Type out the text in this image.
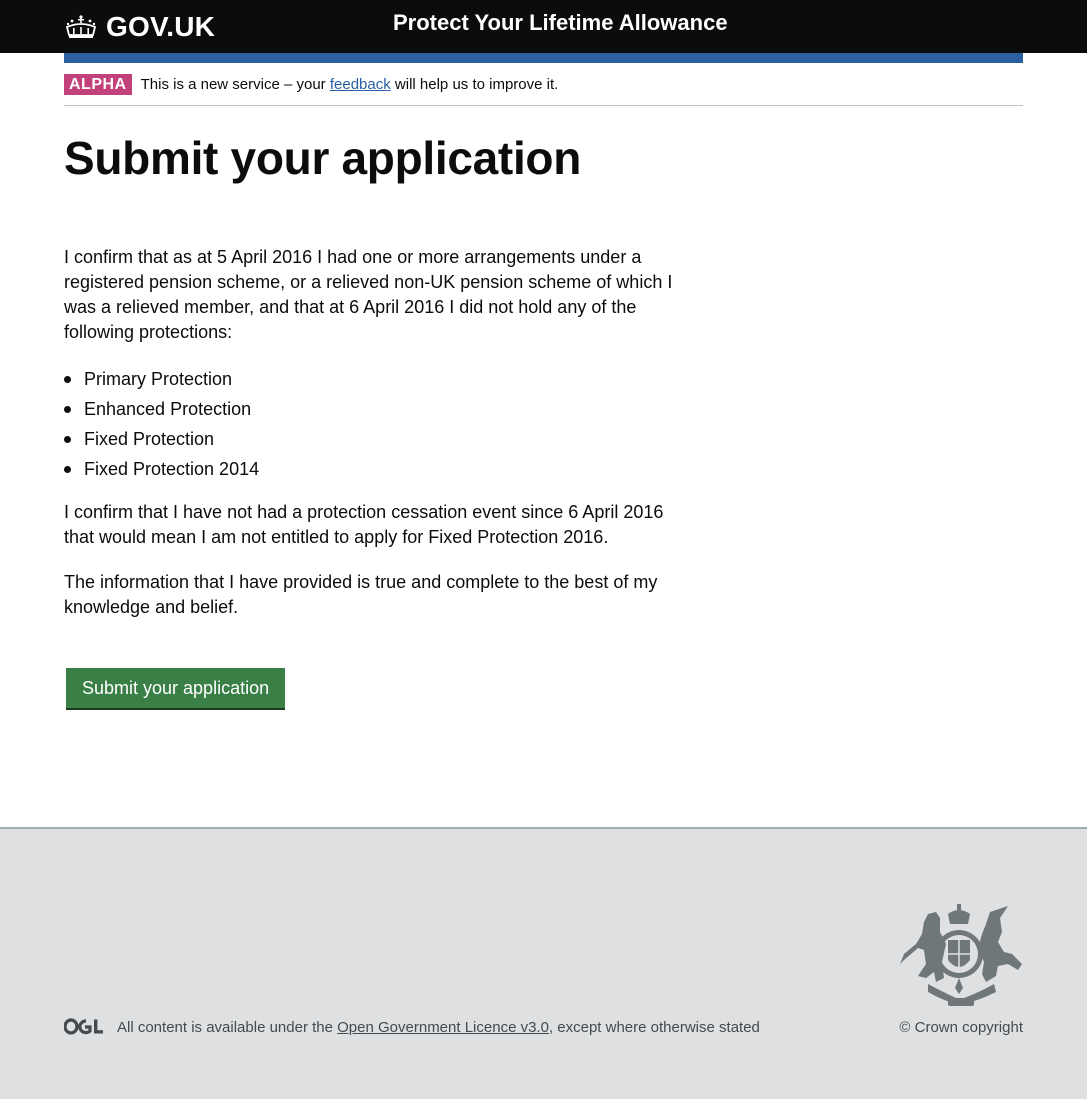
GOV.UK	Protect Your Lifetime Allowance
ALPHA This is a new service – your feedback will help us to improve it.
Submit your application

I confirm that as at 5 April 2016 I had one or more arrangements under a registered pension scheme, or a relieved non-UK pension scheme of which I was a relieved member, and that at 6 April 2016 I did not hold any of the following protections:

Primary Protection
Enhanced Protection
Fixed Protection
Fixed Protection 2014

I confirm that I have not had a protection cessation event since 6 April 2016 that would mean I am not entitled to apply for Fixed Protection 2016.

The information that I have provided is true and complete to the best of my knowledge and belief.

Submit your application
All content is available under the Open Government Licence v3.0, except where otherwise stated	© Crown copyright
